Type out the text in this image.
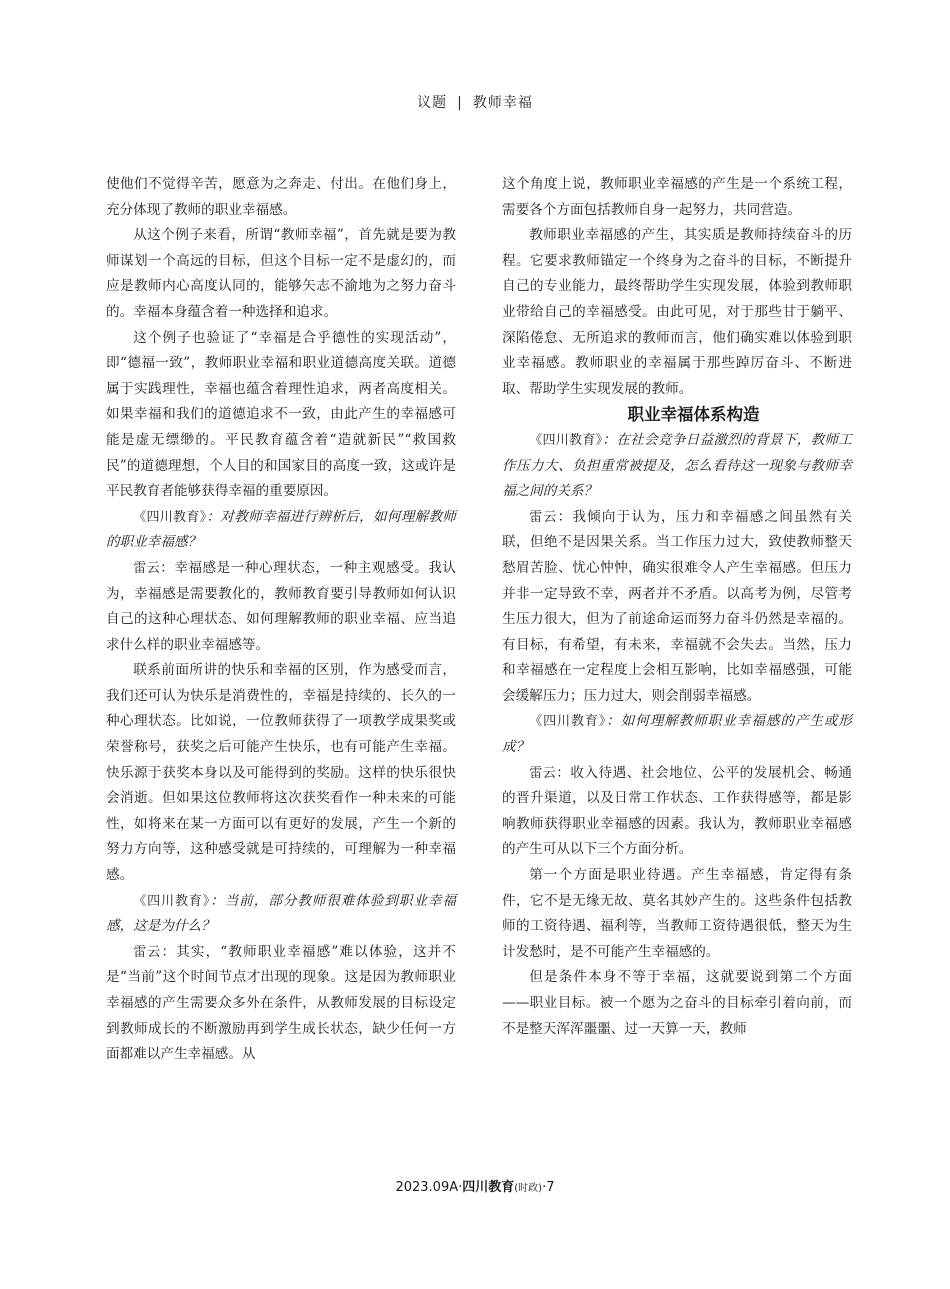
议题 | 教师幸福

使他们不觉得辛苦，愿意为之奔走、付出。在他们身上，充分体现了教师的职业幸福感。

从这个例子来看，所谓“教师幸福”，首先就是要为教师谋划一个高远的目标，但这个目标一定不是虚幻的，而应是教师内心高度认同的，能够矢志不渝地为之努力奋斗的。幸福本身蕴含着一种选择和追求。

这个例子也验证了“幸福是合乎德性的实现活动”，即“德福一致”，教师职业幸福和职业道德高度关联。道德属于实践理性，幸福也蕴含着理性追求，两者高度相关。如果幸福和我们的道德追求不一致，由此产生的幸福感可能是虚无缥缈的。平民教育蕴含着“造就新民”“救国救民”的道德理想，个人目的和国家目的高度一致，这或许是平民教育者能够获得幸福的重要原因。

《四川教育》：对教师幸福进行辨析后，如何理解教师的职业幸福感？

雷云：幸福感是一种心理状态，一种主观感受。我认为，幸福感是需要教化的，教师教育要引导教师如何认识自己的这种心理状态、如何理解教师的职业幸福、应当追求什么样的职业幸福感等。

联系前面所讲的快乐和幸福的区别，作为感受而言，我们还可认为快乐是消费性的，幸福是持续的、长久的一种心理状态。比如说，一位教师获得了一项教学成果奖或荣誉称号，获奖之后可能产生快乐，也有可能产生幸福。快乐源于获奖本身以及可能得到的奖励。这样的快乐很快会消逝。但如果这位教师将这次获奖看作一种未来的可能性，如将来在某一方面可以有更好的发展，产生一个新的努力方向等，这种感受就是可持续的，可理解为一种幸福感。

《四川教育》：当前，部分教师很难体验到职业幸福感，这是为什么？

雷云：其实，“教师职业幸福感”难以体验，这并不是“当前”这个时间节点才出现的现象。这是因为教师职业幸福感的产生需要众多外在条件，从教师发展的目标设定到教师成长的不断激励再到学生成长状态，缺少任何一方面都难以产生幸福感。从

这个角度上说，教师职业幸福感的产生是一个系统工程，需要各个方面包括教师自身一起努力，共同营造。

教师职业幸福感的产生，其实质是教师持续奋斗的历程。它要求教师锚定一个终身为之奋斗的目标，不断提升自己的专业能力，最终帮助学生实现发展，体验到教师职业带给自己的幸福感受。由此可见，对于那些甘于躺平、深陷倦怠、无所追求的教师而言，他们确实难以体验到职业幸福感。教师职业的幸福属于那些踔厉奋斗、不断进取、帮助学生实现发展的教师。

职业幸福体系构造

《四川教育》：在社会竞争日益激烈的背景下，教师工作压力大、负担重常被提及，怎么看待这一现象与教师幸福之间的关系？

雷云：我倾向于认为，压力和幸福感之间虽然有关联，但绝不是因果关系。当工作压力过大，致使教师整天愁眉苦脸、忧心忡忡，确实很难令人产生幸福感。但压力并非一定导致不幸，两者并不矛盾。以高考为例，尽管考生压力很大，但为了前途命运而努力奋斗仍然是幸福的。有目标，有希望，有未来，幸福就不会失去。当然，压力和幸福感在一定程度上会相互影响，比如幸福感强，可能会缓解压力；压力过大，则会削弱幸福感。

《四川教育》：如何理解教师职业幸福感的产生或形成？

雷云：收入待遇、社会地位、公平的发展机会、畅通的晋升渠道，以及日常工作状态、工作获得感等，都是影响教师获得职业幸福感的因素。我认为，教师职业幸福感的产生可从以下三个方面分析。

第一个方面是职业待遇。产生幸福感，肯定得有条件，它不是无缘无故、莫名其妙产生的。这些条件包括教师的工资待遇、福利等，当教师工资待遇很低，整天为生计发愁时，是不可能产生幸福感的。

但是条件本身不等于幸福，这就要说到第二个方面——职业目标。被一个愿为之奋斗的目标牵引着向前，而不是整天浑浑噩噩、过一天算一天，教师

2023.09A·四川教育(时政)·7
